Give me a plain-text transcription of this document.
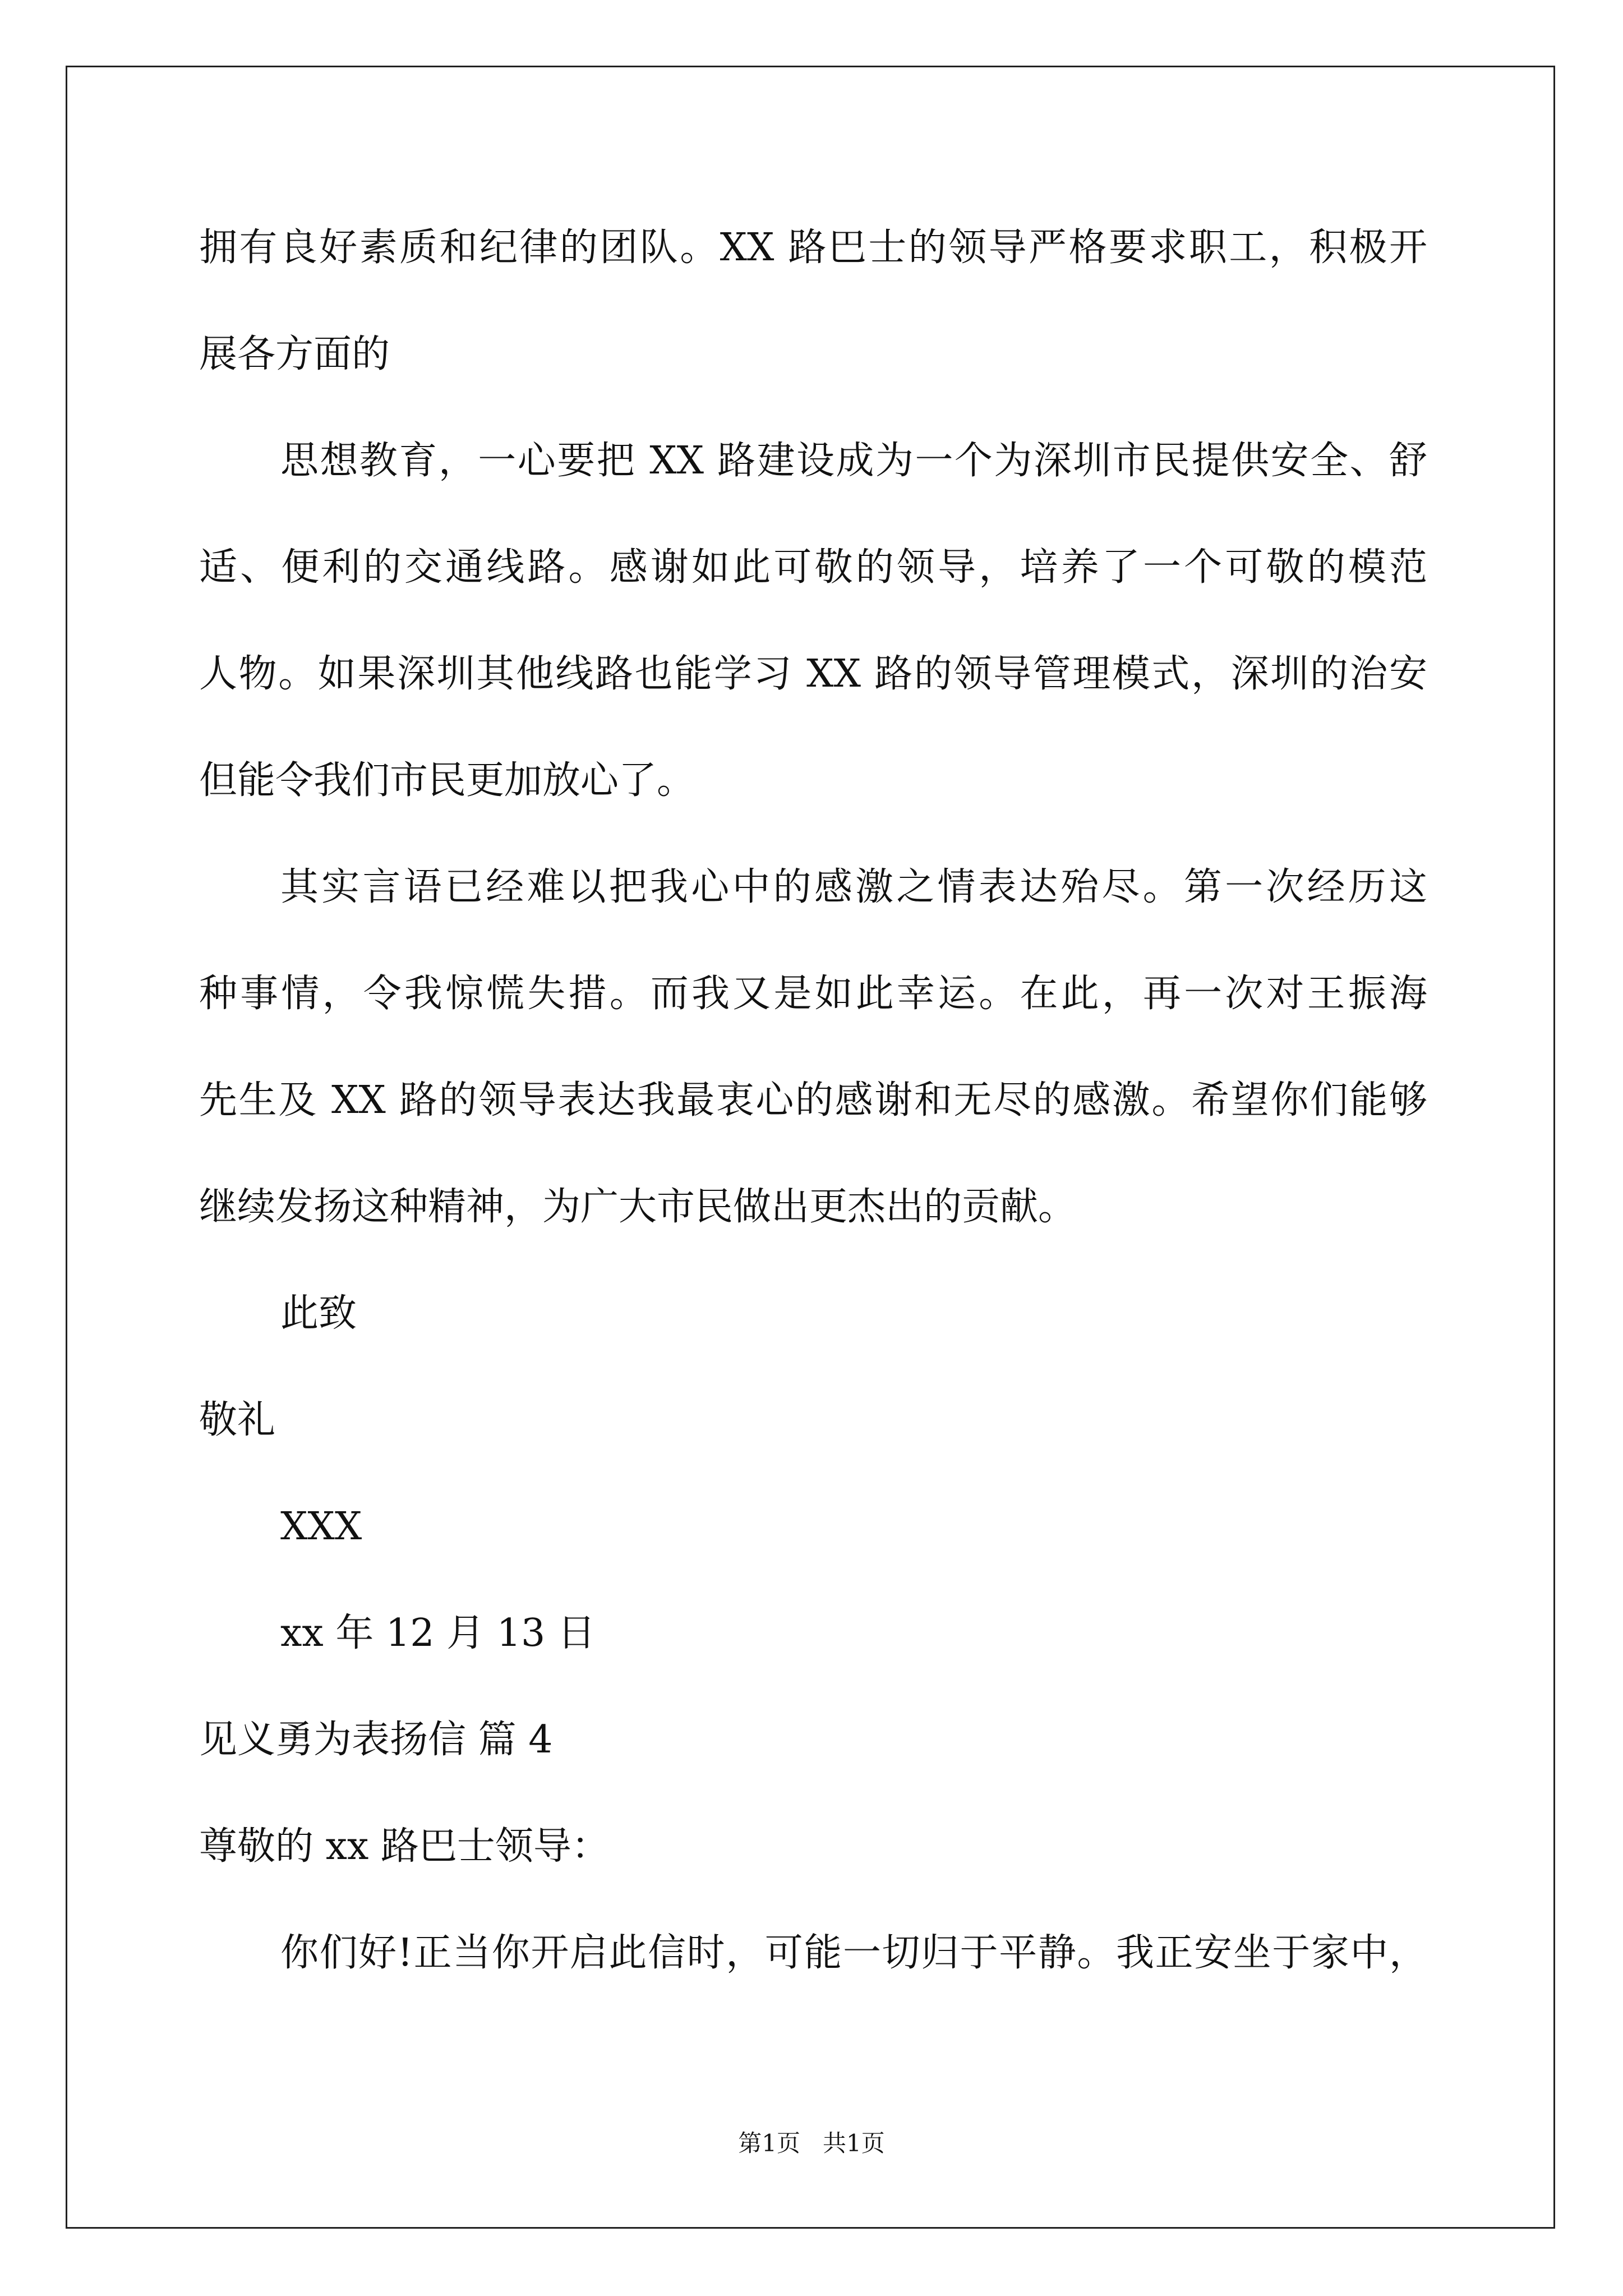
拥有良好素质和纪律的团队。XX 路巴士的领导严格要求职工，积极开
展各方面的
思想教育，一心要把 XX 路建设成为一个为深圳市民提供安全、舒
适、便利的交通线路。感谢如此可敬的领导，培养了一个可敬的模范
人物。如果深圳其他线路也能学习 XX 路的领导管理模式，深圳的治安
但能令我们市民更加放心了。
其实言语已经难以把我心中的感激之情表达殆尽。第一次经历这
种事情，令我惊慌失措。而我又是如此幸运。在此，再一次对王振海
先生及 XX 路的领导表达我最衷心的感谢和无尽的感激。希望你们能够
继续发扬这种精神，为广大市民做出更杰出的贡献。
此致
敬礼
XXX
xx 年 12 月 13 日
见义勇为表扬信 篇 4
尊敬的 xx 路巴士领导：
你们好!正当你开启此信时，可能一切归于平静。我正安坐于家中，
第1页   共1页
